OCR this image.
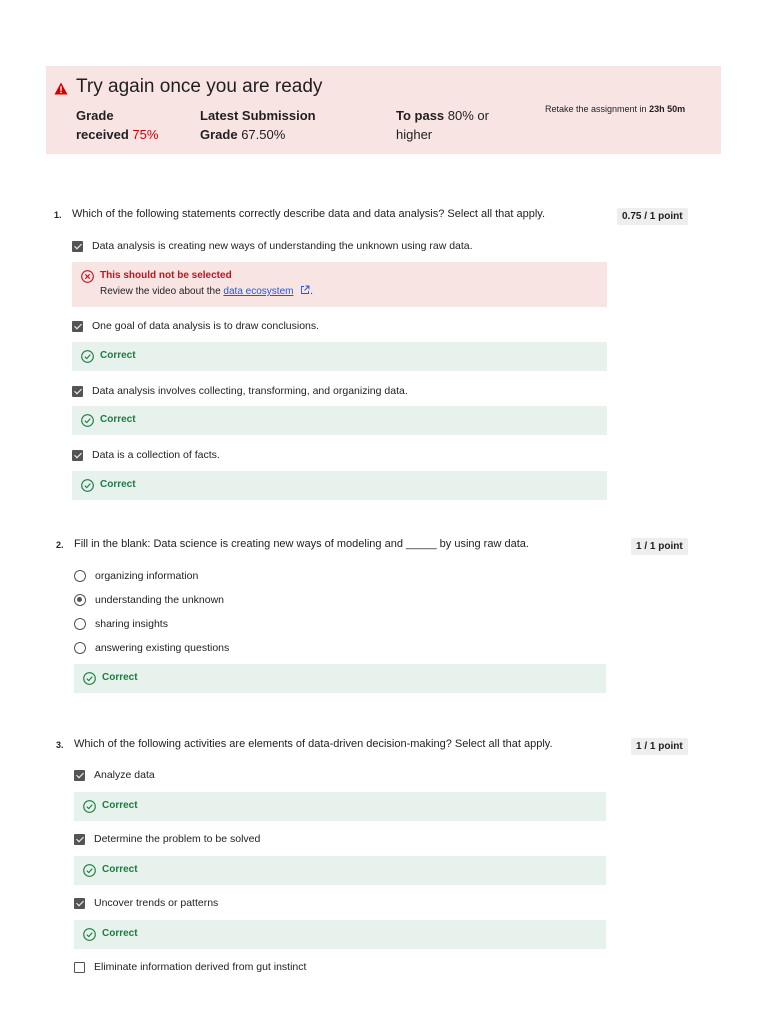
Try again once you are ready
Grade
received 75%
Latest Submission
Grade 67.50%
To pass 80% or
higher
Retake the assignment in 23h 50m
1. Which of the following statements correctly describe data and data analysis? Select all that apply.	0.75 / 1 point
Data analysis is creating new ways of understanding the unknown using raw data.
This should not be selected
Review the video about the data ecosystem .
One goal of data analysis is to draw conclusions.
Correct
Data analysis involves collecting, transforming, and organizing data.
Correct
Data is a collection of facts.
Correct
2. Fill in the blank: Data science is creating new ways of modeling and _____ by using raw data.	1 / 1 point
organizing information
understanding the unknown
sharing insights
answering existing questions
Correct
3. Which of the following activities are elements of data-driven decision-making? Select all that apply.	1 / 1 point
Analyze data
Correct
Determine the problem to be solved
Correct
Uncover trends or patterns
Correct
Eliminate information derived from gut instinct
